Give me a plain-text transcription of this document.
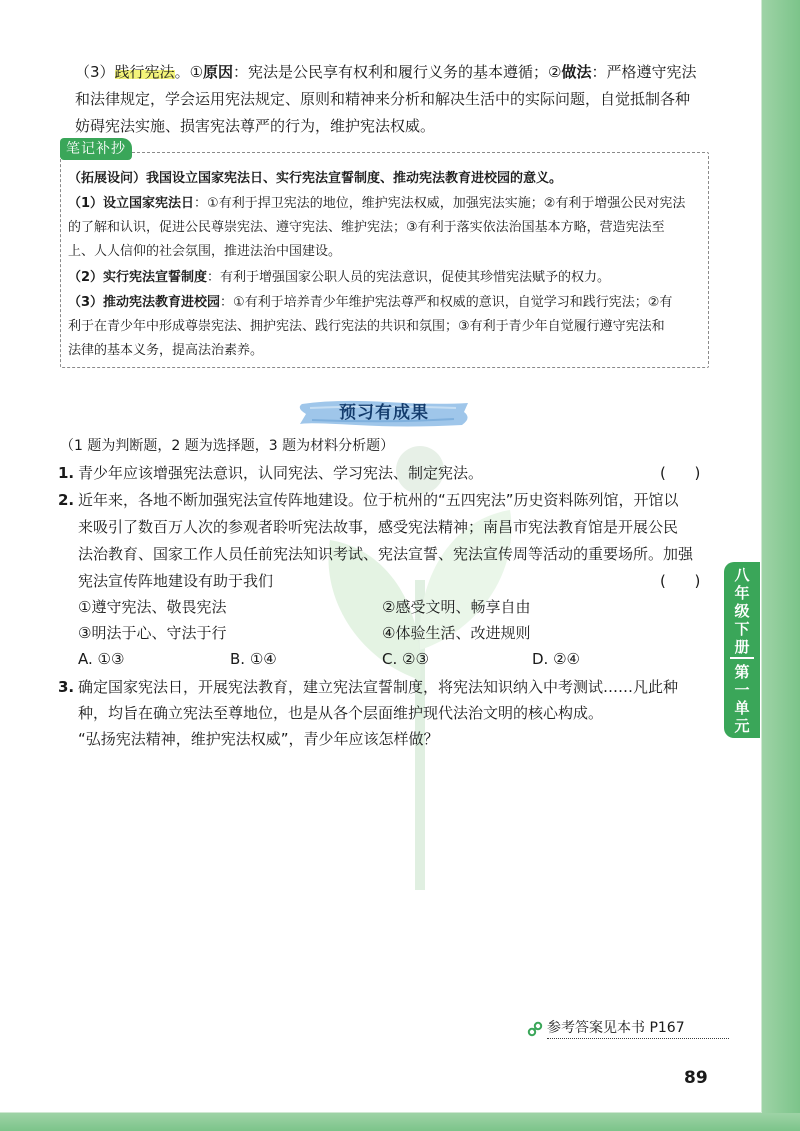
（3）践行宪法。①原因：宪法是公民享有权利和履行义务的基本遵循；②做法：严格遵守宪法
和法律规定，学会运用宪法规定、原则和精神来分析和解决生活中的实际问题，自觉抵制各种
妨碍宪法实施、损害宪法尊严的行为，维护宪法权威。
笔记补抄
（拓展设问）我国设立国家宪法日、实行宪法宣誓制度、推动宪法教育进校园的意义。
（1）设立国家宪法日：①有利于捍卫宪法的地位，维护宪法权威，加强宪法实施；②有利于增强公民对宪法
的了解和认识，促进公民尊崇宪法、遵守宪法、维护宪法；③有利于落实依法治国基本方略，营造宪法至
上、人人信仰的社会氛围，推进法治中国建设。
（2）实行宪法宣誓制度：有利于增强国家公职人员的宪法意识，促使其珍惜宪法赋予的权力。
（3）推动宪法教育进校园：①有利于培养青少年维护宪法尊严和权威的意识，自觉学习和践行宪法；②有
利于在青少年中形成尊崇宪法、拥护宪法、践行宪法的共识和氛围；③有利于青少年自觉履行遵守宪法和
法律的基本义务，提高法治素养。
预习有成果
（1 题为判断题，2 题为选择题，3 题为材料分析题）
1. 青少年应该增强宪法意识，认同宪法、学习宪法、制定宪法。	(      )
2. 近年来，各地不断加强宪法宣传阵地建设。位于杭州的“五四宪法”历史资料陈列馆，开馆以
来吸引了数百万人次的参观者聆听宪法故事，感受宪法精神；南昌市宪法教育馆是开展公民
法治教育、国家工作人员任前宪法知识考试、宪法宣誓、宪法宣传周等活动的重要场所。加强
宪法宣传阵地建设有助于我们	(      )
①遵守宪法、敬畏宪法	②感受文明、畅享自由
③明法于心、守法于行	④体验生活、改进规则
A. ①③	B. ①④	C. ②③	D. ②④
3. 确定国家宪法日，开展宪法教育，建立宪法宣誓制度，将宪法知识纳入中考测试……凡此种
种，均旨在确立宪法至尊地位，也是从各个层面维护现代法治文明的核心构成。
“弘扬宪法精神，维护宪法权威”，青少年应该怎样做？
八
年
级
下
册
第
一
单
元
参考答案见本书 P167
89
